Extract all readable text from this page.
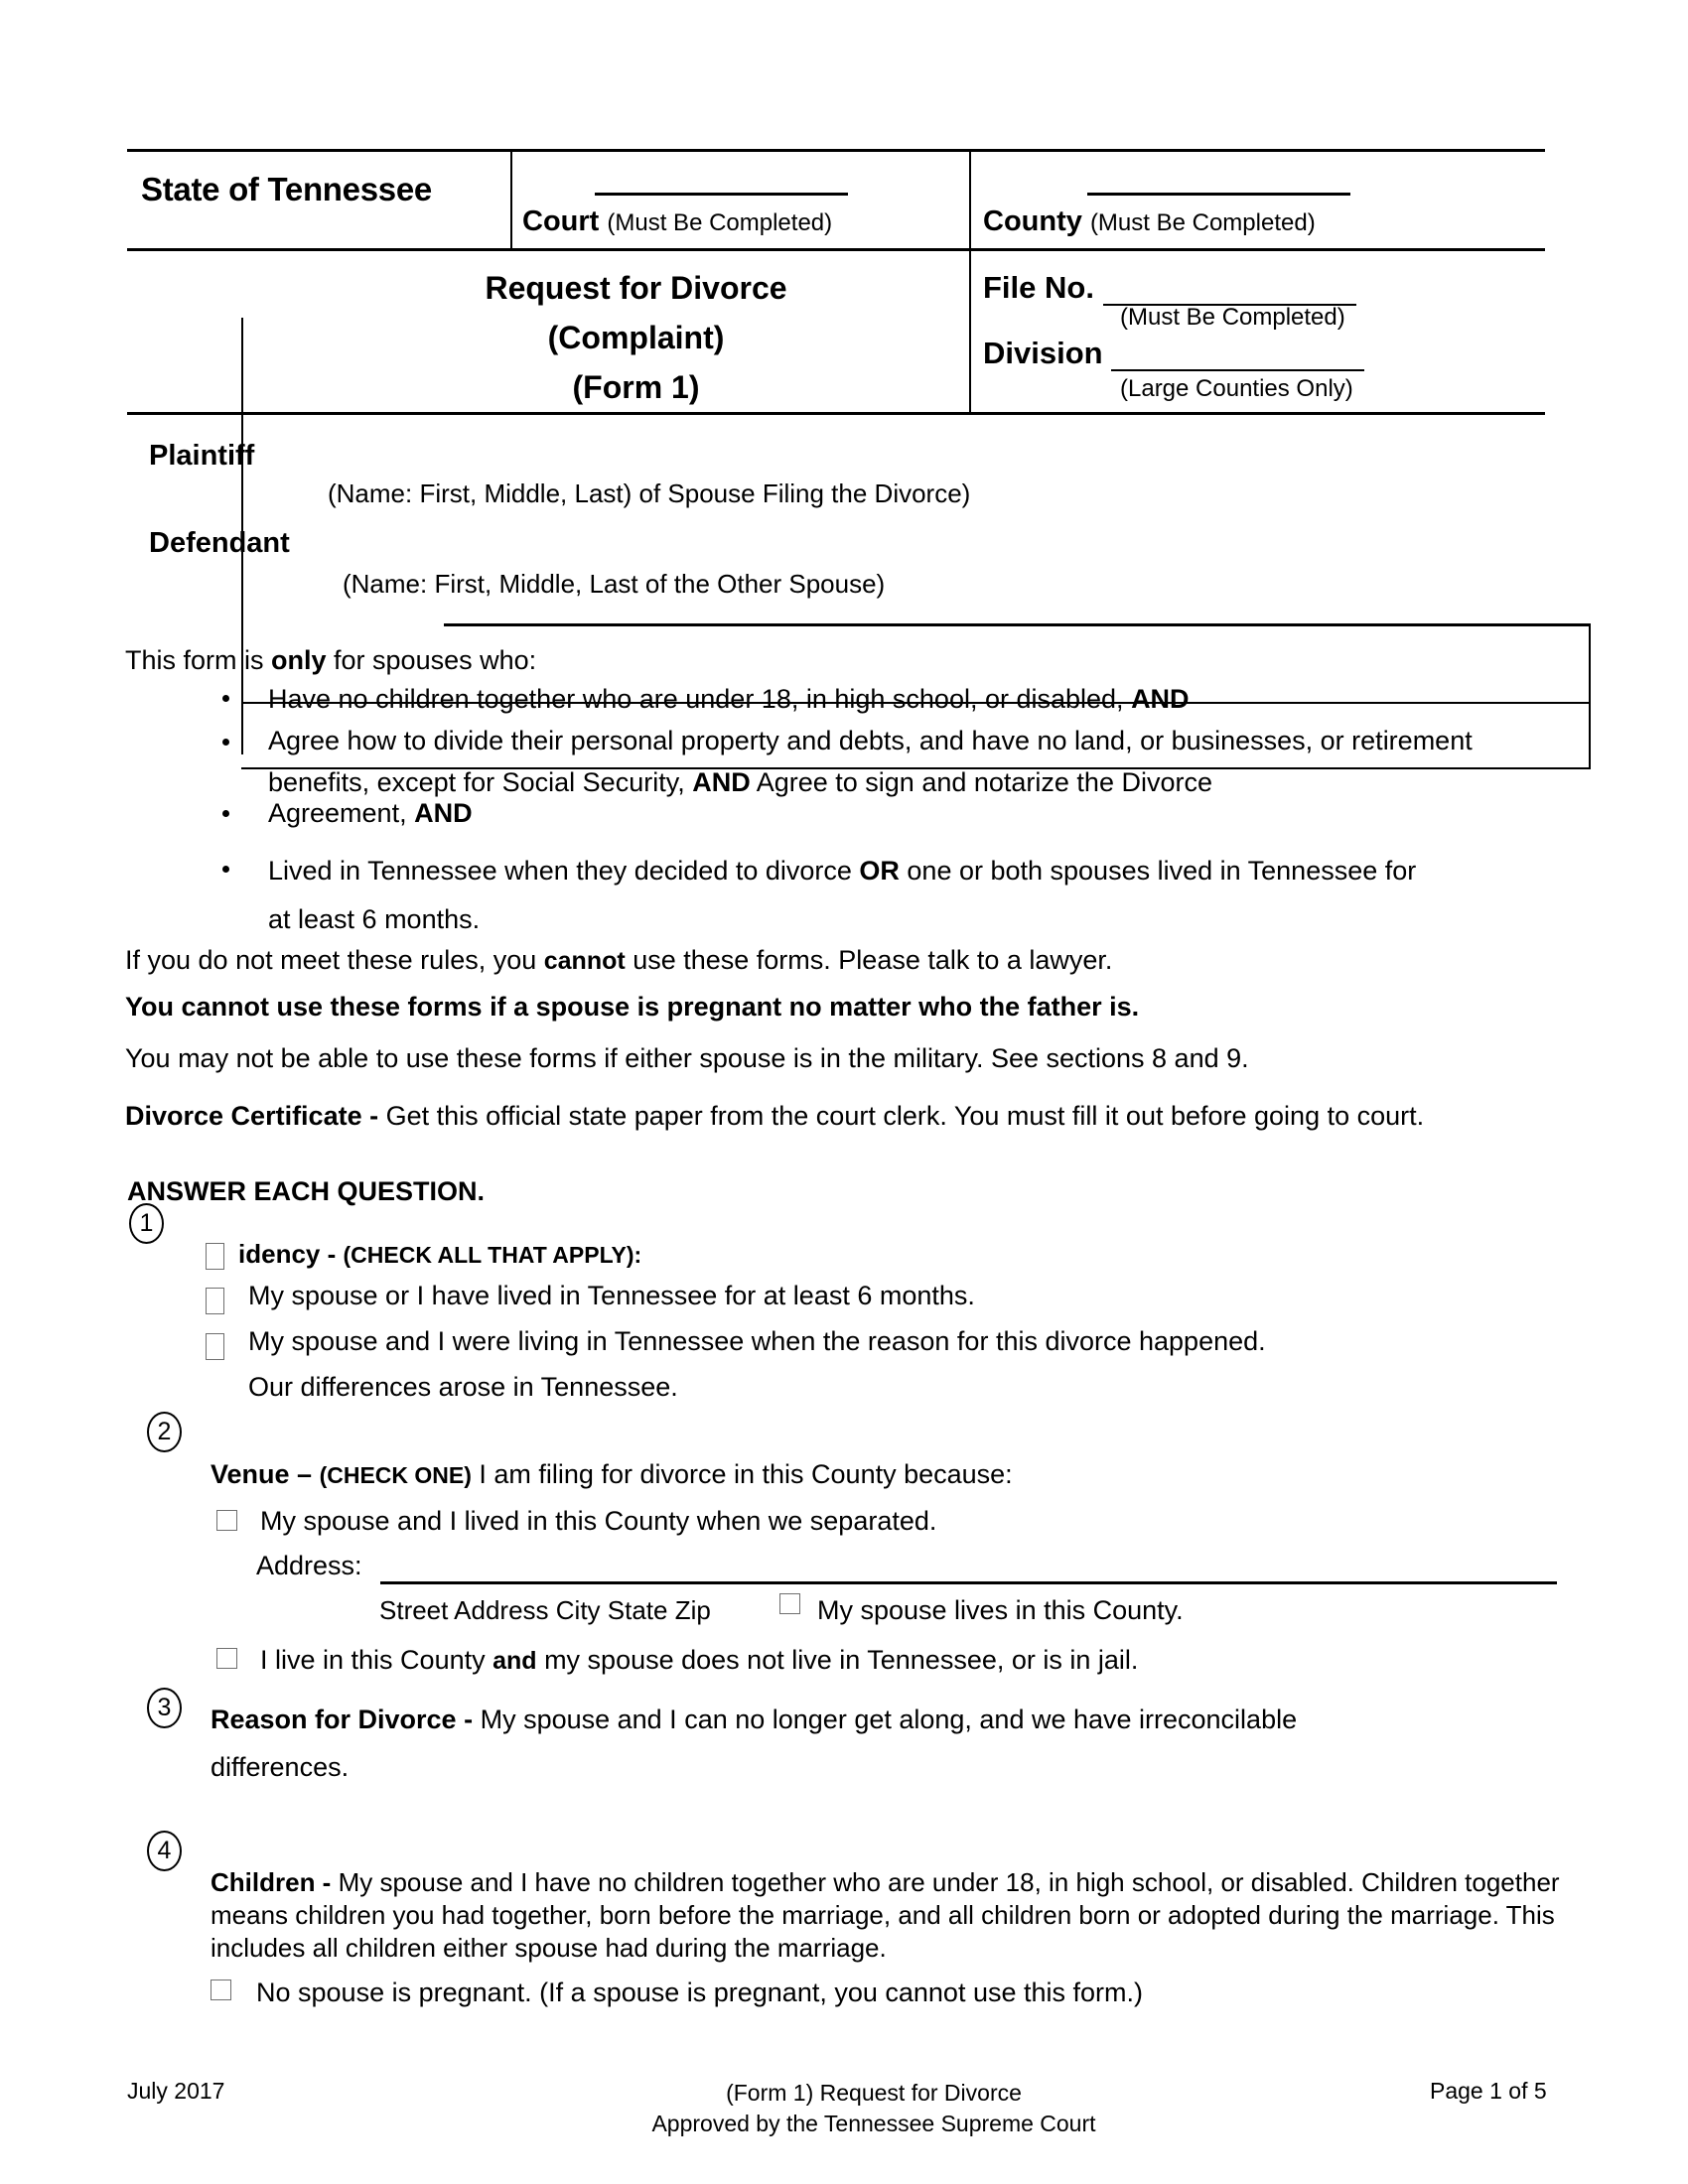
State of Tennessee
Court (Must Be Completed)	County (Must Be Completed)
Request for Divorce
(Complaint)
(Form 1)
File No.
(Must Be Completed)
Division
(Large Counties Only)
Plaintiff
(Name: First, Middle, Last) of Spouse Filing the Divorce)
Defendant
(Name: First, Middle, Last of the Other Spouse)
This form is only for spouses who:
Have no children together who are under 18, in high school, or disabled, AND
Agree how to divide their personal property and debts, and have no land, or businesses, or retirement benefits, except for Social Security, AND Agree to sign and notarize the Divorce
Agreement, AND
Lived in Tennessee when they decided to divorce OR one or both spouses lived in Tennessee for at least 6 months.
If you do not meet these rules, you cannot use these forms. Please talk to a lawyer.
You cannot use these forms if a spouse is pregnant no matter who the father is.
You may not be able to use these forms if either spouse is in the military. See sections 8 and 9.
Divorce Certificate - Get this official state paper from the court clerk. You must fill it out before going to court.
ANSWER EACH QUESTION.
1
idency - (CHECK ALL THAT APPLY):
My spouse or I have lived in Tennessee for at least 6 months.
My spouse and I were living in Tennessee when the reason for this divorce happened.
Our differences arose in Tennessee.
2
Venue – (CHECK ONE) I am filing for divorce in this County because:
My spouse and I lived in this County when we separated.
Address:
Street Address City State Zip	My spouse lives in this County.
I live in this County and my spouse does not live in Tennessee, or is in jail.
3	Reason for Divorce - My spouse and I can no longer get along, and we have irreconcilable differences.
4
Children - My spouse and I have no children together who are under 18, in high school, or disabled. Children together means children you had together, born before the marriage, and all children born or adopted during the marriage. This includes all children either spouse had during the marriage.
No spouse is pregnant. (If a spouse is pregnant, you cannot use this form.)
July 2017	(Form 1) Request for Divorce
Approved by the Tennessee Supreme Court
Page 1 of 5
